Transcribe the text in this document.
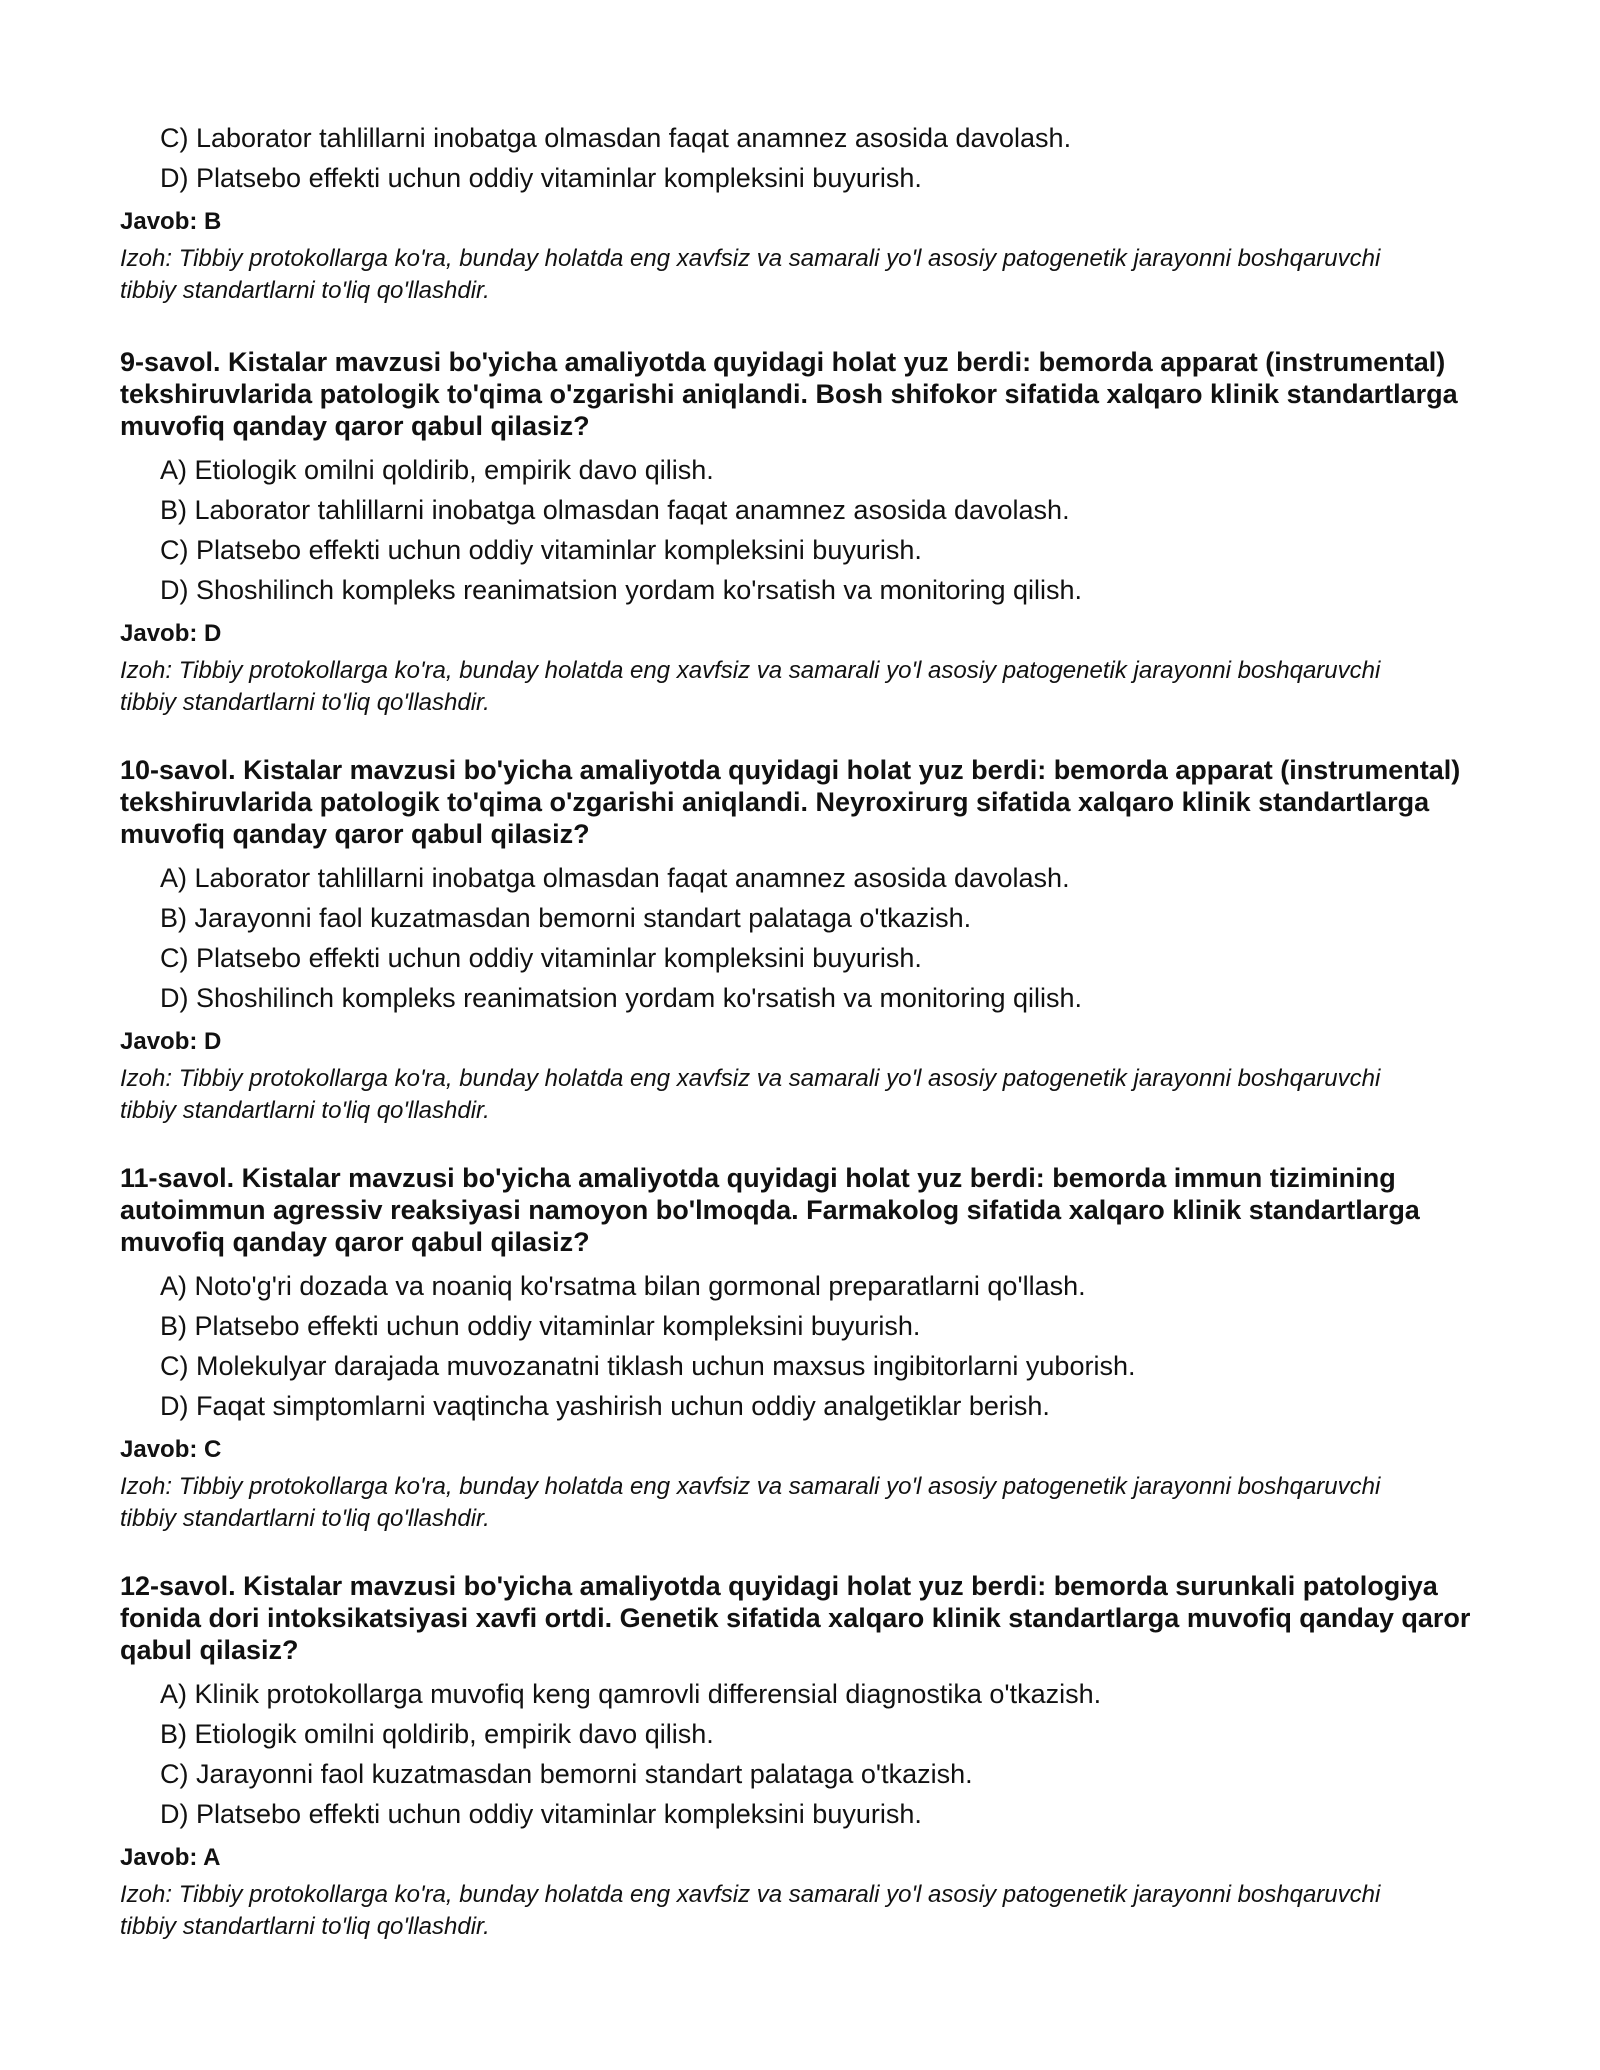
C) Laborator tahlillarni inobatga olmasdan faqat anamnez asosida davolash.

D) Platsebo effekti uchun oddiy vitaminlar kompleksini buyurish.

Javob: B

Izoh: Tibbiy protokollarga ko'ra, bunday holatda eng xavfsiz va samarali yo'l asosiy patogenetik jarayonni boshqaruvchi tibbiy standartlarni to'liq qo'llashdir.

9-savol. Kistalar mavzusi bo'yicha amaliyotda quyidagi holat yuz berdi: bemorda apparat (instrumental) tekshiruvlarida patologik to'qima o'zgarishi aniqlandi. Bosh shifokor sifatida xalqaro klinik standartlarga muvofiq qanday qaror qabul qilasiz?

A) Etiologik omilni qoldirib, empirik davo qilish.

B) Laborator tahlillarni inobatga olmasdan faqat anamnez asosida davolash.

C) Platsebo effekti uchun oddiy vitaminlar kompleksini buyurish.

D) Shoshilinch kompleks reanimatsion yordam ko'rsatish va monitoring qilish.

Javob: D

Izoh: Tibbiy protokollarga ko'ra, bunday holatda eng xavfsiz va samarali yo'l asosiy patogenetik jarayonni boshqaruvchi tibbiy standartlarni to'liq qo'llashdir.

10-savol. Kistalar mavzusi bo'yicha amaliyotda quyidagi holat yuz berdi: bemorda apparat (instrumental) tekshiruvlarida patologik to'qima o'zgarishi aniqlandi. Neyroxirurg sifatida xalqaro klinik standartlarga muvofiq qanday qaror qabul qilasiz?

A) Laborator tahlillarni inobatga olmasdan faqat anamnez asosida davolash.

B) Jarayonni faol kuzatmasdan bemorni standart palataga o'tkazish.

C) Platsebo effekti uchun oddiy vitaminlar kompleksini buyurish.

D) Shoshilinch kompleks reanimatsion yordam ko'rsatish va monitoring qilish.

Javob: D

Izoh: Tibbiy protokollarga ko'ra, bunday holatda eng xavfsiz va samarali yo'l asosiy patogenetik jarayonni boshqaruvchi tibbiy standartlarni to'liq qo'llashdir.

11-savol. Kistalar mavzusi bo'yicha amaliyotda quyidagi holat yuz berdi: bemorda immun tizimining autoimmun agressiv reaksiyasi namoyon bo'lmoqda. Farmakolog sifatida xalqaro klinik standartlarga muvofiq qanday qaror qabul qilasiz?

A) Noto'g'ri dozada va noaniq ko'rsatma bilan gormonal preparatlarni qo'llash.

B) Platsebo effekti uchun oddiy vitaminlar kompleksini buyurish.

C) Molekulyar darajada muvozanatni tiklash uchun maxsus ingibitorlarni yuborish.

D) Faqat simptomlarni vaqtincha yashirish uchun oddiy analgetiklar berish.

Javob: C

Izoh: Tibbiy protokollarga ko'ra, bunday holatda eng xavfsiz va samarali yo'l asosiy patogenetik jarayonni boshqaruvchi tibbiy standartlarni to'liq qo'llashdir.

12-savol. Kistalar mavzusi bo'yicha amaliyotda quyidagi holat yuz berdi: bemorda surunkali patologiya fonida dori intoksikatsiyasi xavfi ortdi. Genetik sifatida xalqaro klinik standartlarga muvofiq qanday qaror qabul qilasiz?

A) Klinik protokollarga muvofiq keng qamrovli differensial diagnostika o'tkazish.

B) Etiologik omilni qoldirib, empirik davo qilish.

C) Jarayonni faol kuzatmasdan bemorni standart palataga o'tkazish.

D) Platsebo effekti uchun oddiy vitaminlar kompleksini buyurish.

Javob: A

Izoh: Tibbiy protokollarga ko'ra, bunday holatda eng xavfsiz va samarali yo'l asosiy patogenetik jarayonni boshqaruvchi tibbiy standartlarni to'liq qo'llashdir.
